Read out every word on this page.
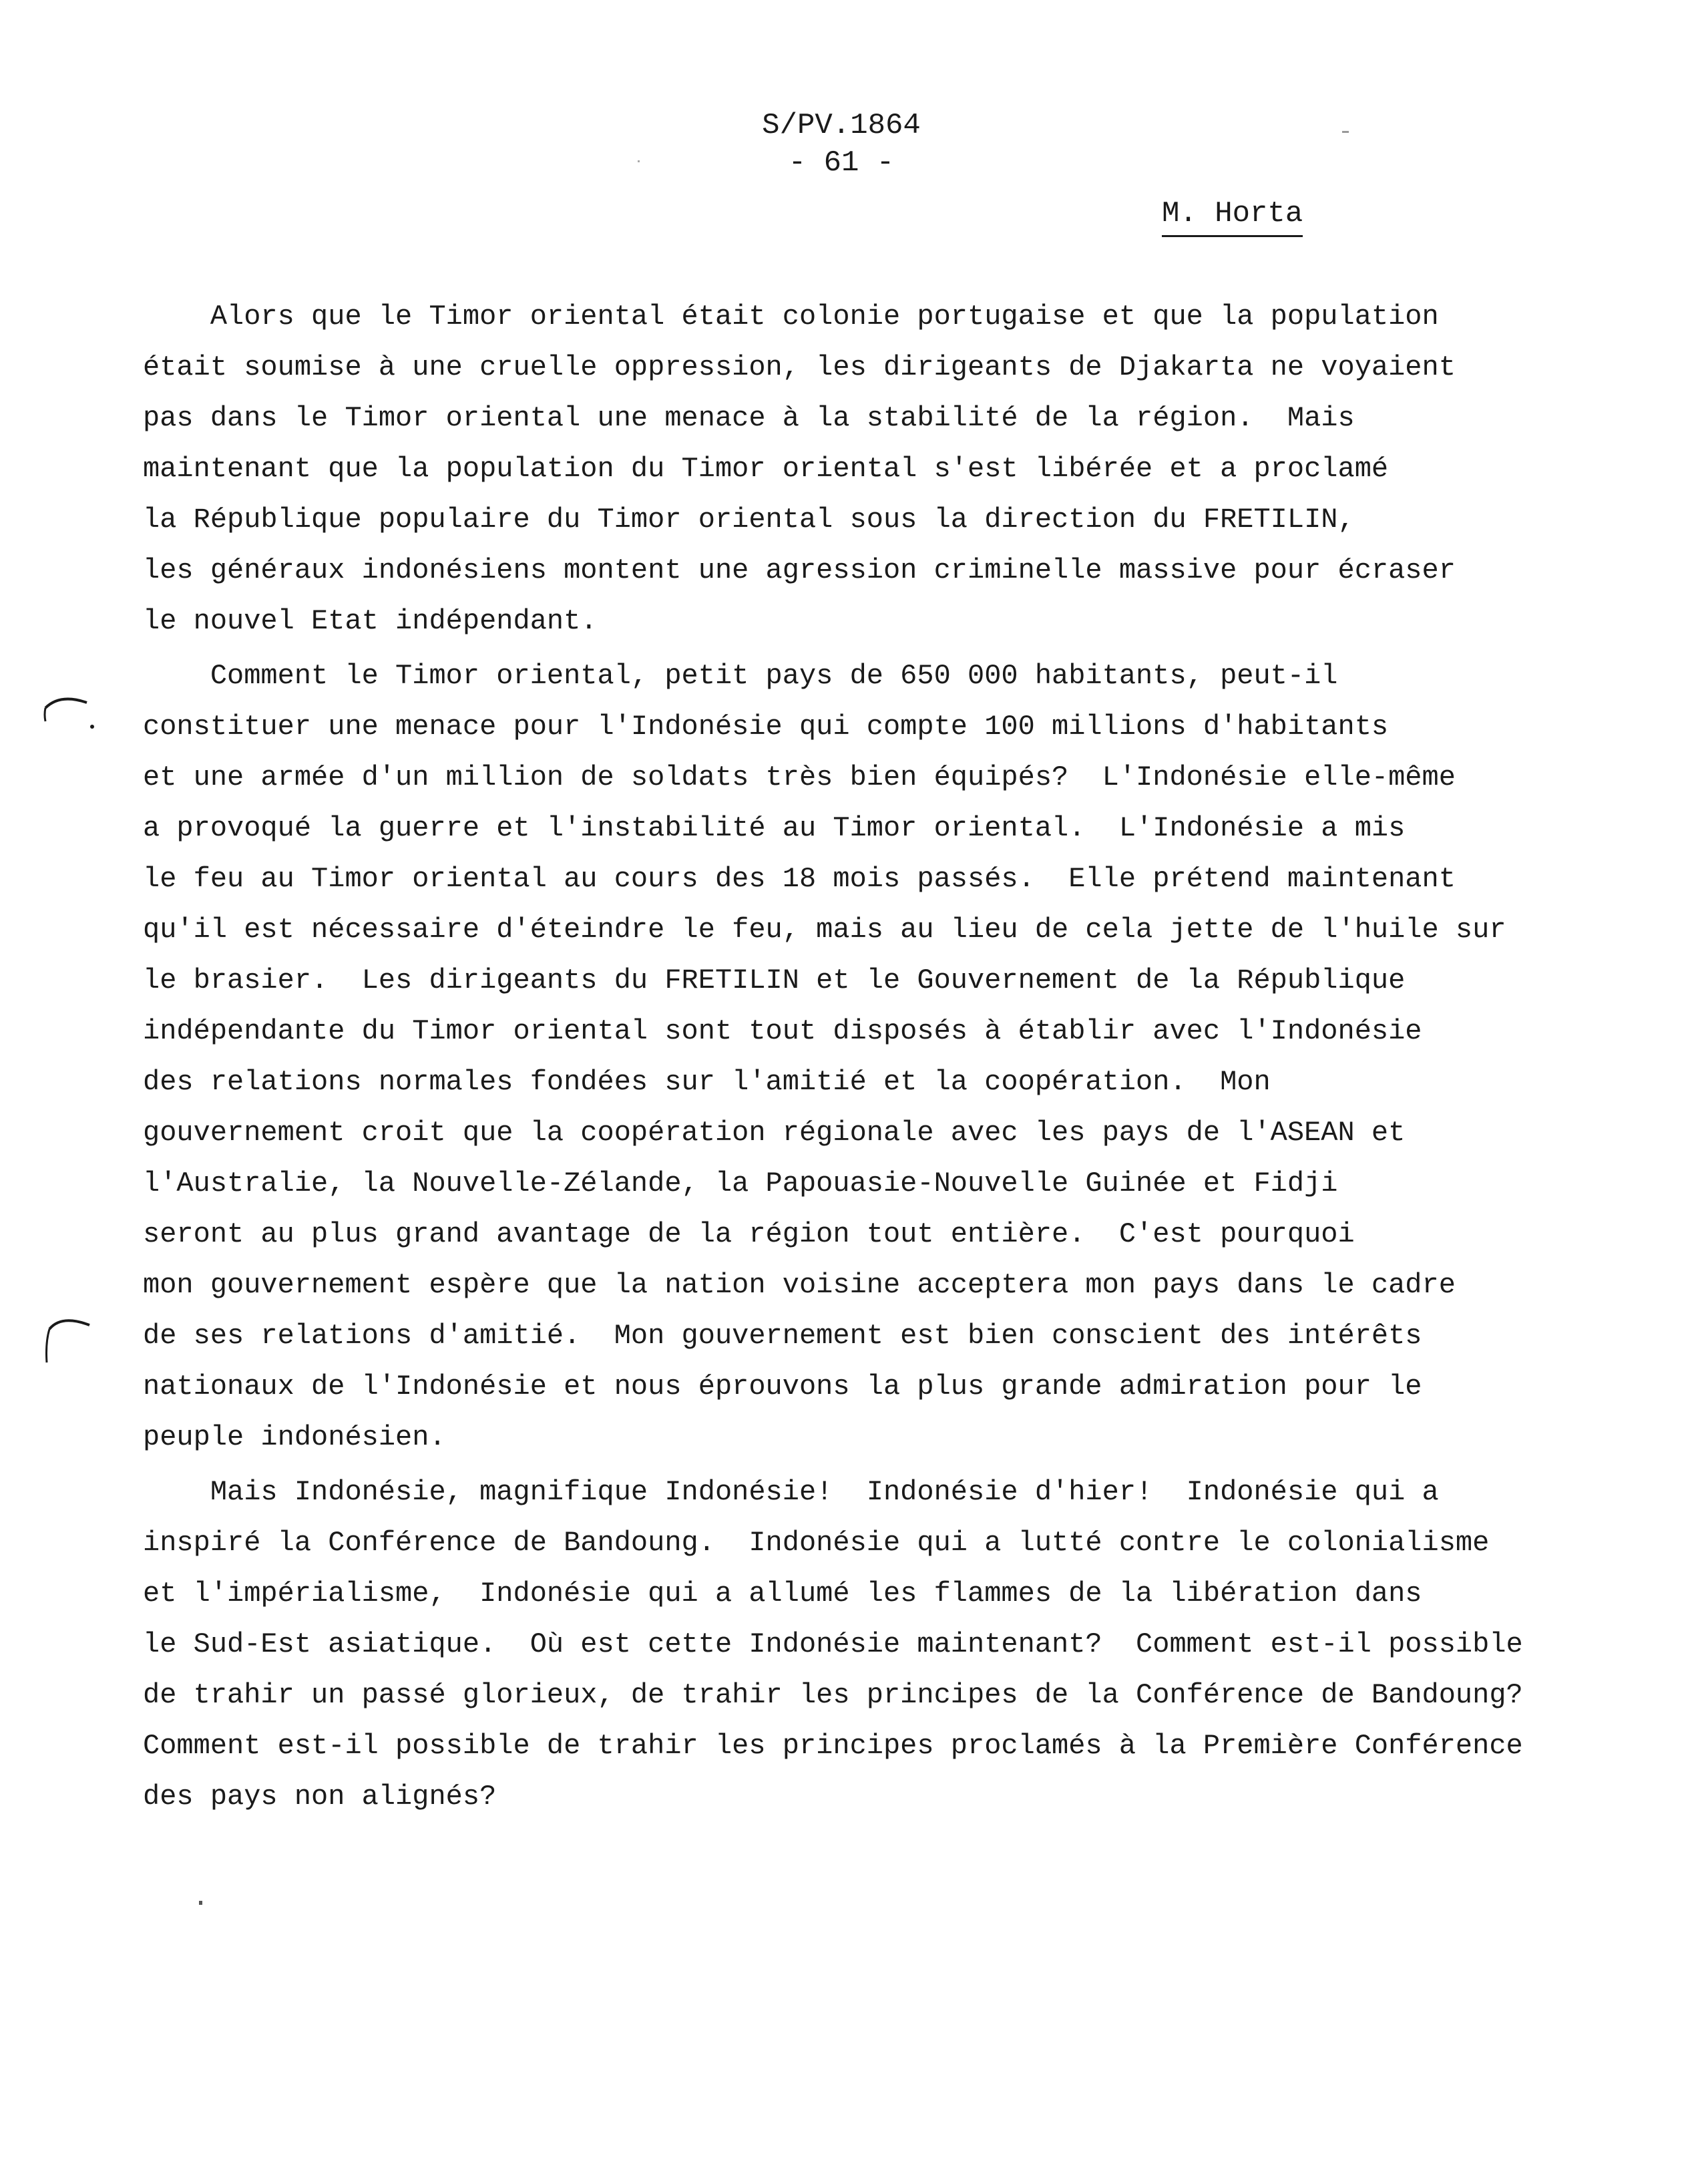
S/PV.1864
- 61 -
M. Horta
Alors que le Timor oriental était colonie portugaise et que la population
était soumise à une cruelle oppression, les dirigeants de Djakarta ne voyaient
pas dans le Timor oriental une menace à la stabilité de la région.  Mais
maintenant que la population du Timor oriental s'est libérée et a proclamé
la République populaire du Timor oriental sous la direction du FRETILIN,
les généraux indonésiens montent une agression criminelle massive pour écraser
le nouvel Etat indépendant.
Comment le Timor oriental, petit pays de 650 000 habitants, peut-il
constituer une menace pour l'Indonésie qui compte 100 millions d'habitants
et une armée d'un million de soldats très bien équipés?  L'Indonésie elle-même
a provoqué la guerre et l'instabilité au Timor oriental.  L'Indonésie a mis
le feu au Timor oriental au cours des 18 mois passés.  Elle prétend maintenant
qu'il est nécessaire d'éteindre le feu, mais au lieu de cela jette de l'huile sur
le brasier.  Les dirigeants du FRETILIN et le Gouvernement de la République
indépendante du Timor oriental sont tout disposés à établir avec l'Indonésie
des relations normales fondées sur l'amitié et la coopération.  Mon
gouvernement croit que la coopération régionale avec les pays de l'ASEAN et
l'Australie, la Nouvelle-Zélande, la Papouasie-Nouvelle Guinée et Fidji
seront au plus grand avantage de la région tout entière.  C'est pourquoi
mon gouvernement espère que la nation voisine acceptera mon pays dans le cadre
de ses relations d'amitié.  Mon gouvernement est bien conscient des intérêts
nationaux de l'Indonésie et nous éprouvons la plus grande admiration pour le
peuple indonésien.
Mais Indonésie, magnifique Indonésie!  Indonésie d'hier!  Indonésie qui a
inspiré la Conférence de Bandoung.  Indonésie qui a lutté contre le colonialisme
et l'impérialisme,  Indonésie qui a allumé les flammes de la libération dans
le Sud-Est asiatique.  Où est cette Indonésie maintenant?  Comment est-il possible
de trahir un passé glorieux, de trahir les principes de la Conférence de Bandoung?
Comment est-il possible de trahir les principes proclamés à la Première Conférence
des pays non alignés?
